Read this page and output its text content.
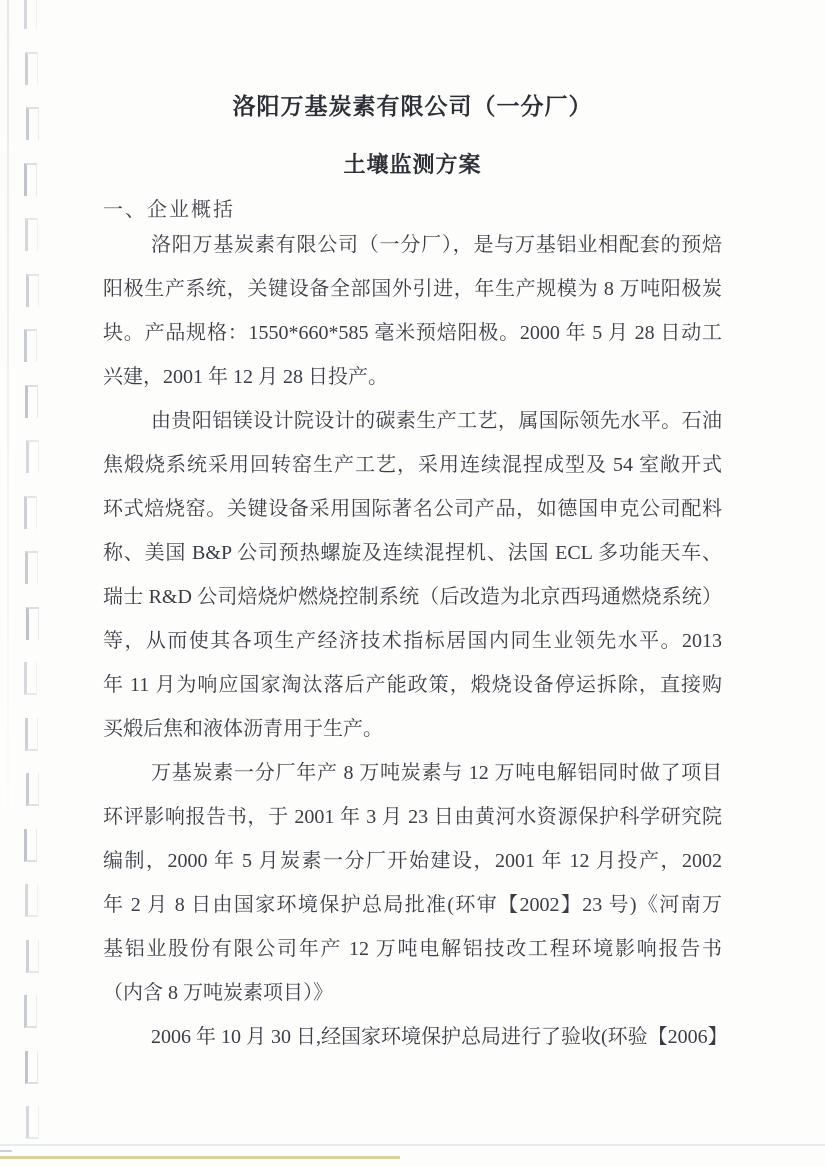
洛阳万基炭素有限公司（一分厂）
土壤监测方案
一、企业概括
洛阳万基炭素有限公司（一分厂），是与万基铝业相配套的预焙
阳极生产系统，关键设备全部国外引进，年生产规模为 8 万吨阳极炭
块。产品规格：1550*660*585 毫米预焙阳极。2000 年 5 月 28 日动工
兴建，2001 年 12 月 28 日投产。
由贵阳铝镁设计院设计的碳素生产工艺，属国际领先水平。石油
焦煅烧系统采用回转窑生产工艺，采用连续混捏成型及 54 室敞开式
环式焙烧窑。关键设备采用国际著名公司产品，如德国申克公司配料
称、美国 B&P 公司预热螺旋及连续混捏机、法国 ECL 多功能天车、
瑞士 R&D 公司焙烧炉燃烧控制系统（后改造为北京西玛通燃烧系统）
等，从而使其各项生产经济技术指标居国内同生业领先水平。2013
年 11 月为响应国家淘汰落后产能政策，煅烧设备停运拆除，直接购
买煅后焦和液体沥青用于生产。
万基炭素一分厂年产 8 万吨炭素与 12 万吨电解铝同时做了项目
环评影响报告书，于 2001 年 3 月 23 日由黄河水资源保护科学研究院
编制，2000 年 5 月炭素一分厂开始建设，2001 年 12 月投产，2002
年 2 月 8 日由国家环境保护总局批准(环审【2002】23 号)《河南万
基铝业股份有限公司年产 12 万吨电解铝技改工程环境影响报告书
（内含 8 万吨炭素项目）》
2006 年 10 月 30 日,经国家环境保护总局进行了验收(环验【2006】
